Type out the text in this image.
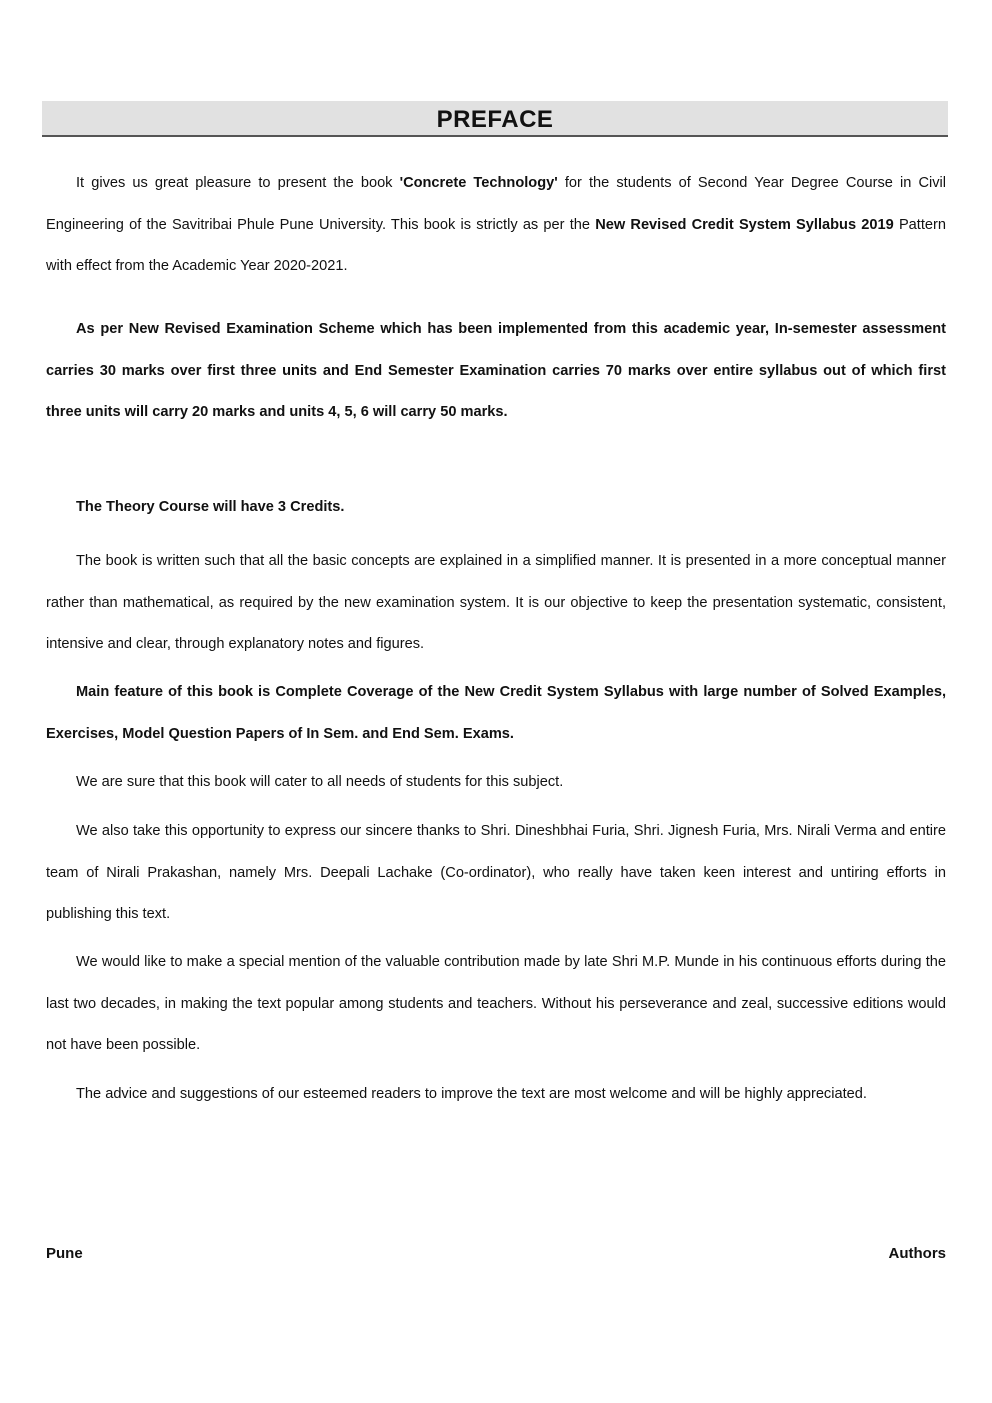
PREFACE

It gives us great pleasure to present the book 'Concrete Technology' for the students of Second Year Degree Course in Civil Engineering of the Savitribai Phule Pune University. This book is strictly as per the New Revised Credit System Syllabus 2019 Pattern with effect from the Academic Year 2020-2021.

As per New Revised Examination Scheme which has been implemented from this academic year, In-semester assessment carries 30 marks over first three units and End Semester Examination carries 70 marks over entire syllabus out of which first three units will carry 20 marks and units 4, 5, 6 will carry 50 marks.

The Theory Course will have 3 Credits.

The book is written such that all the basic concepts are explained in a simplified manner. It is presented in a more conceptual manner rather than mathematical, as required by the new examination system. It is our objective to keep the presentation systematic, consistent, intensive and clear, through explanatory notes and figures.

Main feature of this book is Complete Coverage of the New Credit System Syllabus with large number of Solved Examples, Exercises, Model Question Papers of In Sem. and End Sem. Exams.

We are sure that this book will cater to all needs of students for this subject.

We also take this opportunity to express our sincere thanks to Shri. Dineshbhai Furia, Shri. Jignesh Furia, Mrs. Nirali Verma and entire team of Nirali Prakashan, namely Mrs. Deepali Lachake (Co-ordinator), who really have taken keen interest and untiring efforts in publishing this text.

We would like to make a special mention of the valuable contribution made by late Shri M.P. Munde in his continuous efforts during the last two decades, in making the text popular among students and teachers. Without his perseverance and zeal, successive editions would not have been possible.

The advice and suggestions of our esteemed readers to improve the text are most welcome and will be highly appreciated.

Pune	Authors
